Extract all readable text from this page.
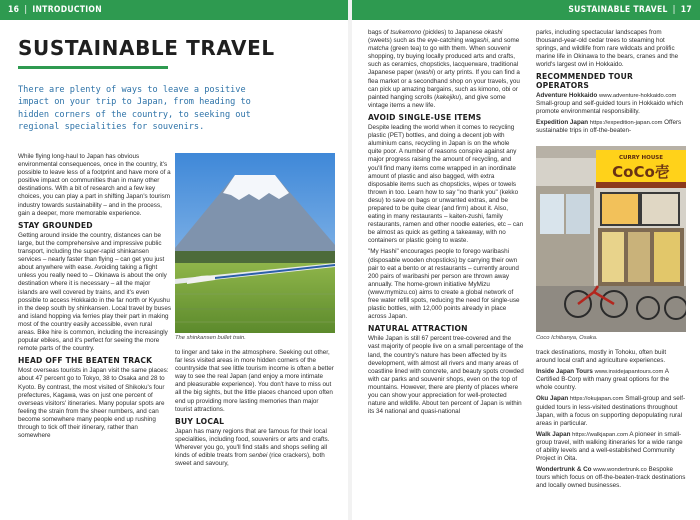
16 | INTRODUCTION	SUSTAINABLE TRAVEL | 17
SUSTAINABLE TRAVEL

There are plenty of ways to leave a positive impact on your trip to Japan, from heading to hidden corners of the country, to seeking out regional specialities for souvenirs.

While flying long-haul to Japan has obvious environmental consequences, once in the country, it's possible to leave less of a footprint and have more of a positive impact on communities than in many other destinations. With a bit of research and a few key choices, you can play a part in shifting Japan's tourism industry towards sustainability – and in the process, gain a deeper, more memorable experience.

STAY GROUNDED

Getting around inside the country, distances can be large, but the comprehensive and impressive public transport, including the super-rapid shinkansen services – nearly faster than flying – can get you just about anywhere with ease. Avoiding taking a flight unless you really need to – Okinawa is about the only destination where it is necessary – all the major islands are well covered by trains, and it's even possible to access Hokkaido in the far north or Kyushu in the deep south by shinkansen. Local travel by buses and island hopping via ferries play their part in making most of the country easily accessible, even rural areas. Bike hire is common, including the increasingly popular ebikes, and it's perfect for seeing the more remote parts of the country.

HEAD OFF THE BEATEN TRACK

Most overseas tourists in Japan visit the same places: about 47 percent go to Tokyo, 38 to Osaka and 28 to Kyoto. By contrast, the most visited of Shikoku's four prefectures, Kagawa, was on just one percent of overseas visitors' itineraries. Many popular spots are feeling the strain from the sheer numbers, and can become somewhere many people end up rushing through to tick off their itinerary, rather than somewhere

The shinkansen bullet train.

to linger and take in the atmosphere. Seeking out other, far less visited areas in more hidden corners of the countryside that see little tourism income is often a better way to see the real Japan (and enjoy a more intimate and pleasurable experience). You don't have to miss out all the big sights, but the little places chanced upon often end up providing more lasting memories than major tourist attractions.

BUY LOCAL

Japan has many regions that are famous for their local specialities, including food, souvenirs or arts and crafts. Wherever you go, you'll find stalls and shops selling all kinds of edible treats from senbei (rice crackers), both sweet and savoury,

bags of tsukemono (pickles) to Japanese okashi (sweets) such as the eye-catching wagashi, and some matcha (green tea) to go with them. When souvenir shopping, try buying locally produced arts and crafts, such as ceramics, chopsticks, lacquerware, traditional Japanese paper (washi) or arty prints. If you can find a flea market or a secondhand shop on your travels, you can pick up amazing bargains, such as kimono, obi or painted hanging scrolls (kakejiku), and give some vintage items a new life.

AVOID SINGLE-USE ITEMS

Despite leading the world when it comes to recycling plastic (PET) bottles, and doing a decent job with aluminium cans, recycling in Japan is on the whole quite poor. A number of reasons conspire against any major progress raising the amount of recycling, and you'll find many items come wrapped in an inordinate amount of plastic and also bagged, with extra disposable items such as chopsticks, wipes or towels thrown in too. Learn how to say "no thank you" (kekko desu) to save on bags or unwanted extras, and be prepared to be quite clear (and firm) about it. Also, eating in many restaurants – kaiten-zushi, family restaurants, ramen and other noodle eateries, etc – can be almost as quick as getting a takeaway, with no containers or plastic going to waste.

"My Hashi" encourages people to forego waribashi (disposable wooden chopsticks) by carrying their own pair to eat a bento or at restaurants – currently around 200 pairs of waribashi per person are thrown away annually. The home-grown initiative MyMizu (www.mymizu.co) aims to create a global network of free water refill spots, reducing the need for single-use plastic bottles, with 12,000 points already in place across Japan.

NATURAL ATTRACTION

While Japan is still 67 percent tree-covered and the vast majority of people live on a small percentage of the land, the country's nature has been affected by its development, with almost all rivers and many areas of coastline lined with concrete, and beauty spots crowded with car parks and souvenir shops, even on the top of mountains. However, there are plenty of places where you can show your appreciation for well-protected nature and wildlife. About ten percent of Japan is within its 34 national and quasi-national

parks, including spectacular landscapes from thousand-year-old cedar trees to steaming hot springs, and wildlife from rare wildcats and prolific marine life in Okinawa to the bears, cranes and the world's largest owl in Hokkaido.

RECOMMENDED TOUR OPERATORS

Adventure Hokkaido www.adventure-hokkaido.com Small-group and self-guided tours in Hokkaido which promote environmental responsibility.

Expedition Japan https://expedition-japan.com Offers sustainable trips in off-the-beaten-

CURRY HOUSE
CoCo壱
Coco Ichibanya, Osaka.

track destinations, mostly in Tohoku, often built around local craft and agriculture experiences.

Inside Japan Tours www.insidejapantours.com A Certified B-Corp with many great options for the whole country.

Oku Japan https://okujapan.com Small-group and self-guided tours in less-visited destinations throughout Japan, with a focus on supporting depopulating rural areas in particular.

Walk Japan https://walkjapan.com A pioneer in small-group travel, with walking itineraries for a wide range of ability levels and a well-established Community Project in Oita.

Wondertrunk & Co www.wondertrunk.co Bespoke tours which focus on off-the-beaten-track destinations and locally owned businesses.
